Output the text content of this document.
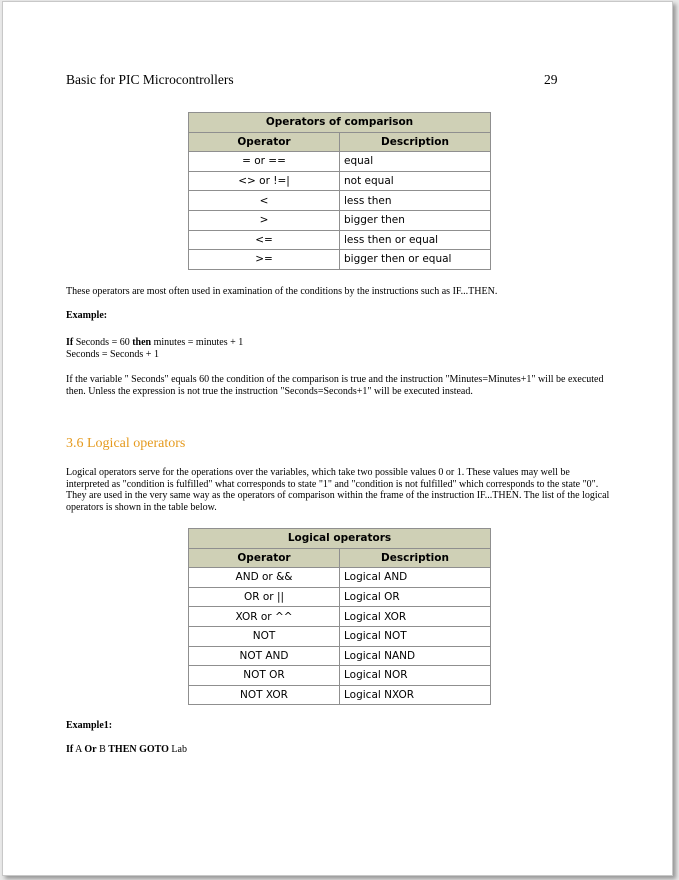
Basic for PIC Microcontrollers	29
Operators of comparison	
Operator	Description
= or ==	equal
<> or !=|	not equal
<	less then
>	bigger then
<=	less then or equal
>=	bigger then or equal

These operators are most often used in examination of the conditions by the instructions such as IF...THEN.

Example:

If Seconds = 60 then minutes = minutes + 1
Seconds = Seconds + 1

If the variable " Seconds" equals 60 the condition of the comparison is true and the instruction "Minutes=Minutes+1" will be executed then. Unless the expression is not true the instruction "Seconds=Seconds+1" will be executed instead.

3.6 Logical operators

Logical operators serve for the operations over the variables, which take two possible values 0 or 1. These values may well be interpreted as "condition is fulfilled" what corresponds to state "1" and "condition is not fulfilled" which corresponds to the state "0". They are used in the very same way as the operators of comparison within the frame of the instruction IF...THEN. The list of the logical operators is shown in the table below.

Logical operators	
Operator	Description
AND or &&	Logical AND
OR or ||	Logical OR
XOR or ^^	Logical XOR
NOT	Logical NOT
NOT AND	Logical NAND
NOT OR	Logical NOR
NOT XOR	Logical NXOR

Example1:

If A Or B THEN GOTO Lab
